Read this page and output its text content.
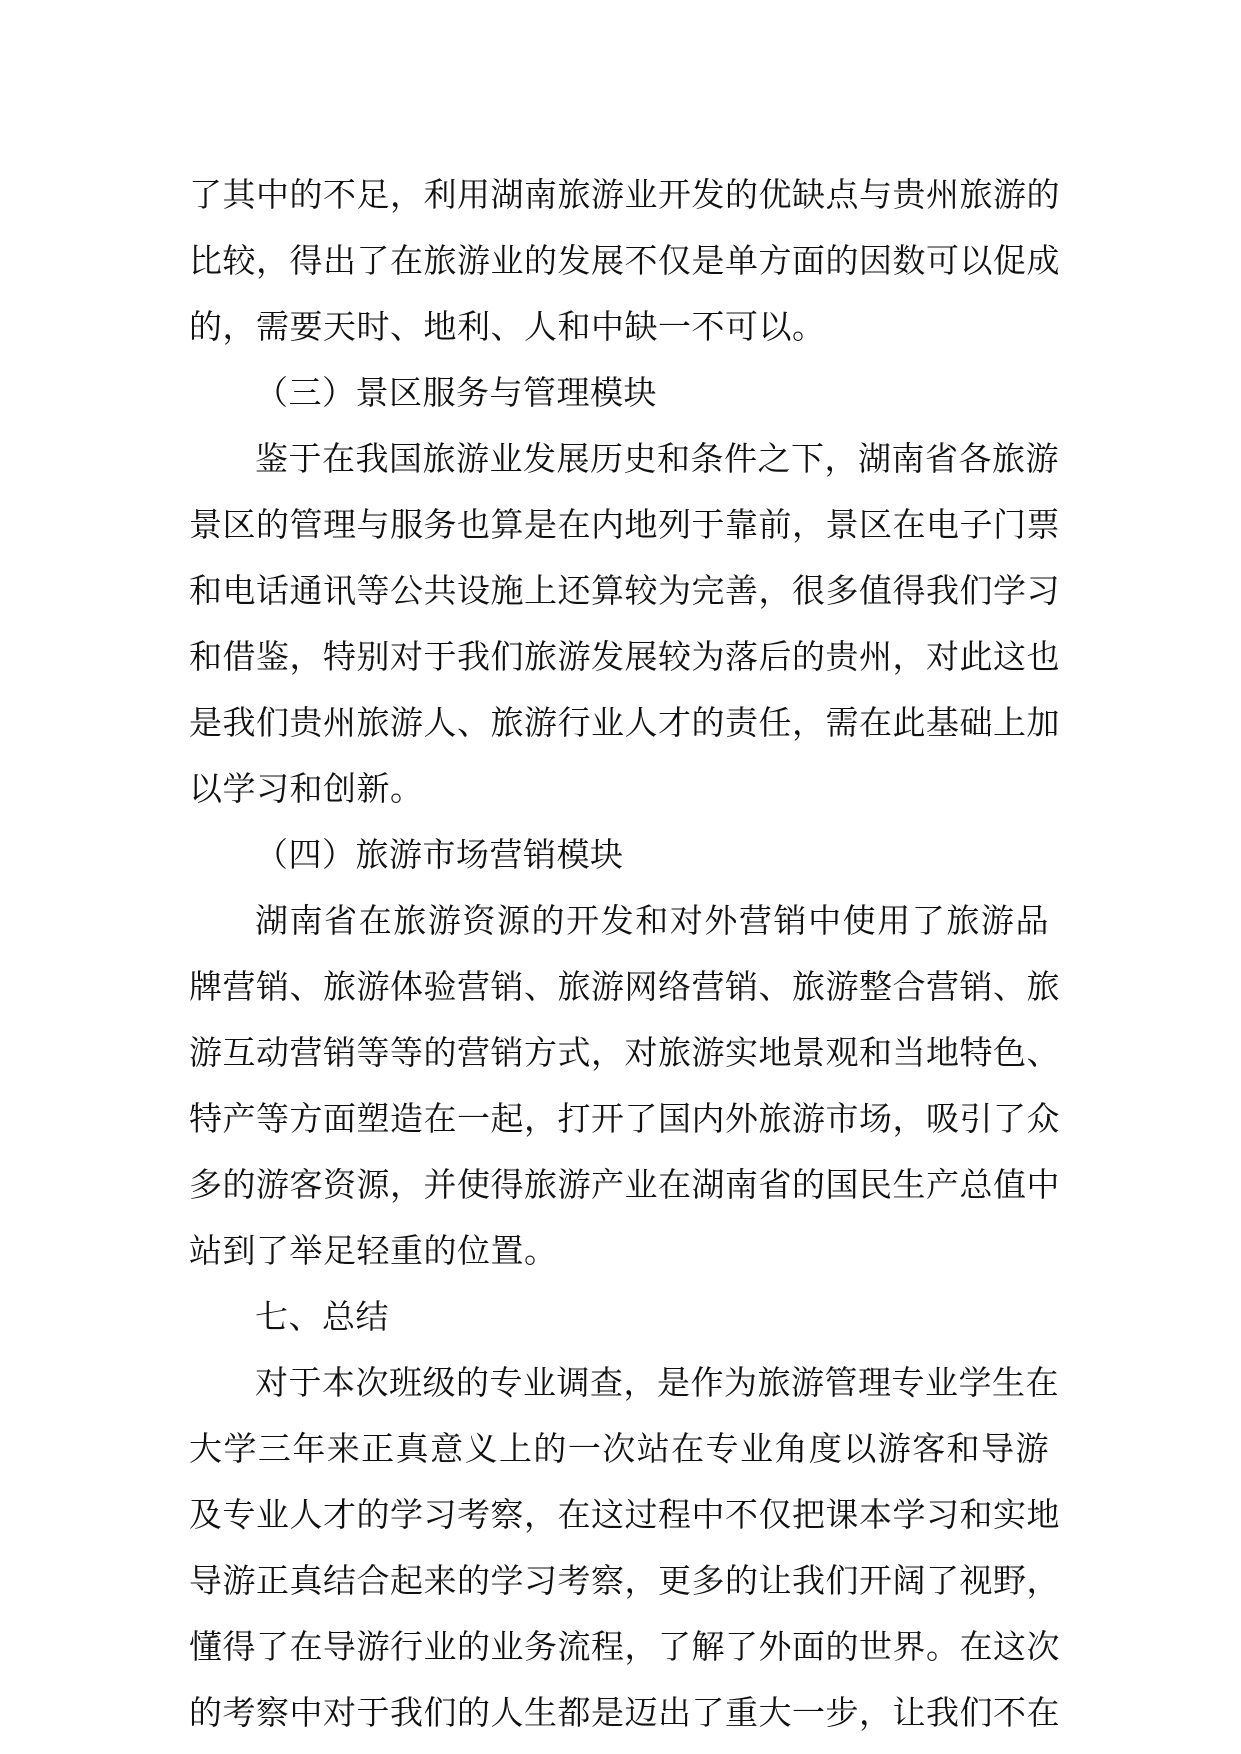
了其中的不足，利用湖南旅游业开发的优缺点与贵州旅游的
比较，得出了在旅游业的发展不仅是单方面的因数可以促成
的，需要天时、地利、人和中缺一不可以。
（三）景区服务与管理模块
鉴于在我国旅游业发展历史和条件之下，湖南省各旅游
景区的管理与服务也算是在内地列于靠前，景区在电子门票
和电话通讯等公共设施上还算较为完善，很多值得我们学习
和借鉴，特别对于我们旅游发展较为落后的贵州，对此这也
是我们贵州旅游人、旅游行业人才的责任，需在此基础上加
以学习和创新。
（四）旅游市场营销模块
湖南省在旅游资源的开发和对外营销中使用了旅游品
牌营销、旅游体验营销、旅游网络营销、旅游整合营销、旅
游互动营销等等的营销方式，对旅游实地景观和当地特色、
特产等方面塑造在一起，打开了国内外旅游市场，吸引了众
多的游客资源，并使得旅游产业在湖南省的国民生产总值中
站到了举足轻重的位置。
七、总结
对于本次班级的专业调查，是作为旅游管理专业学生在
大学三年来正真意义上的一次站在专业角度以游客和导游
及专业人才的学习考察，在这过程中不仅把课本学习和实地
导游正真结合起来的学习考察，更多的让我们开阔了视野，
懂得了在导游行业的业务流程，了解了外面的世界。在这次
的考察中对于我们的人生都是迈出了重大一步，让我们不在
